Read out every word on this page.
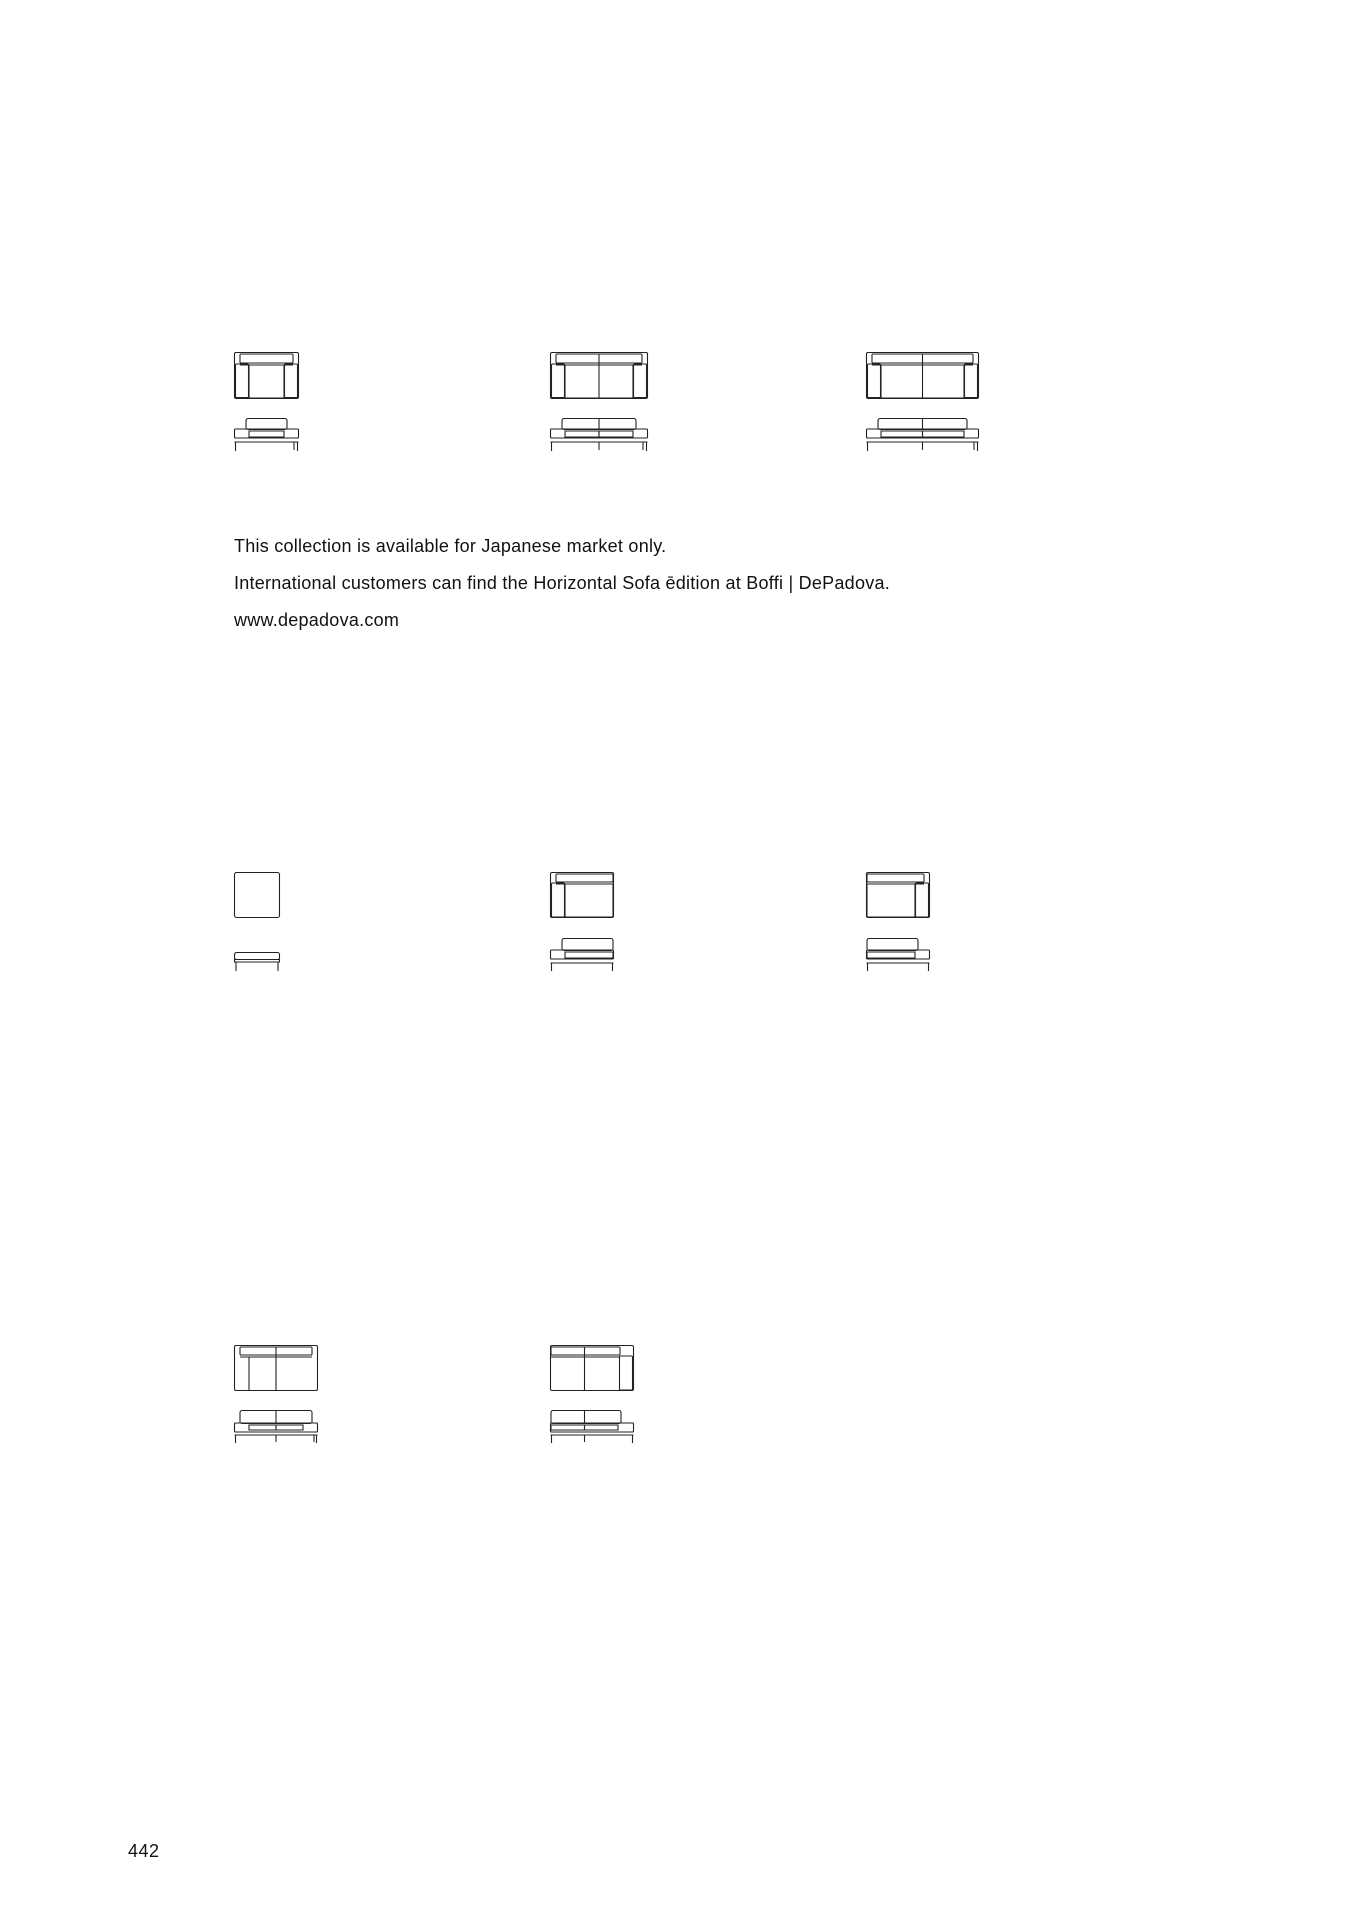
This collection is available for Japanese market only.
International customers can find the Horizontal Sofa ēdition at Boffi | DePadova.
www.depadova.com
442
